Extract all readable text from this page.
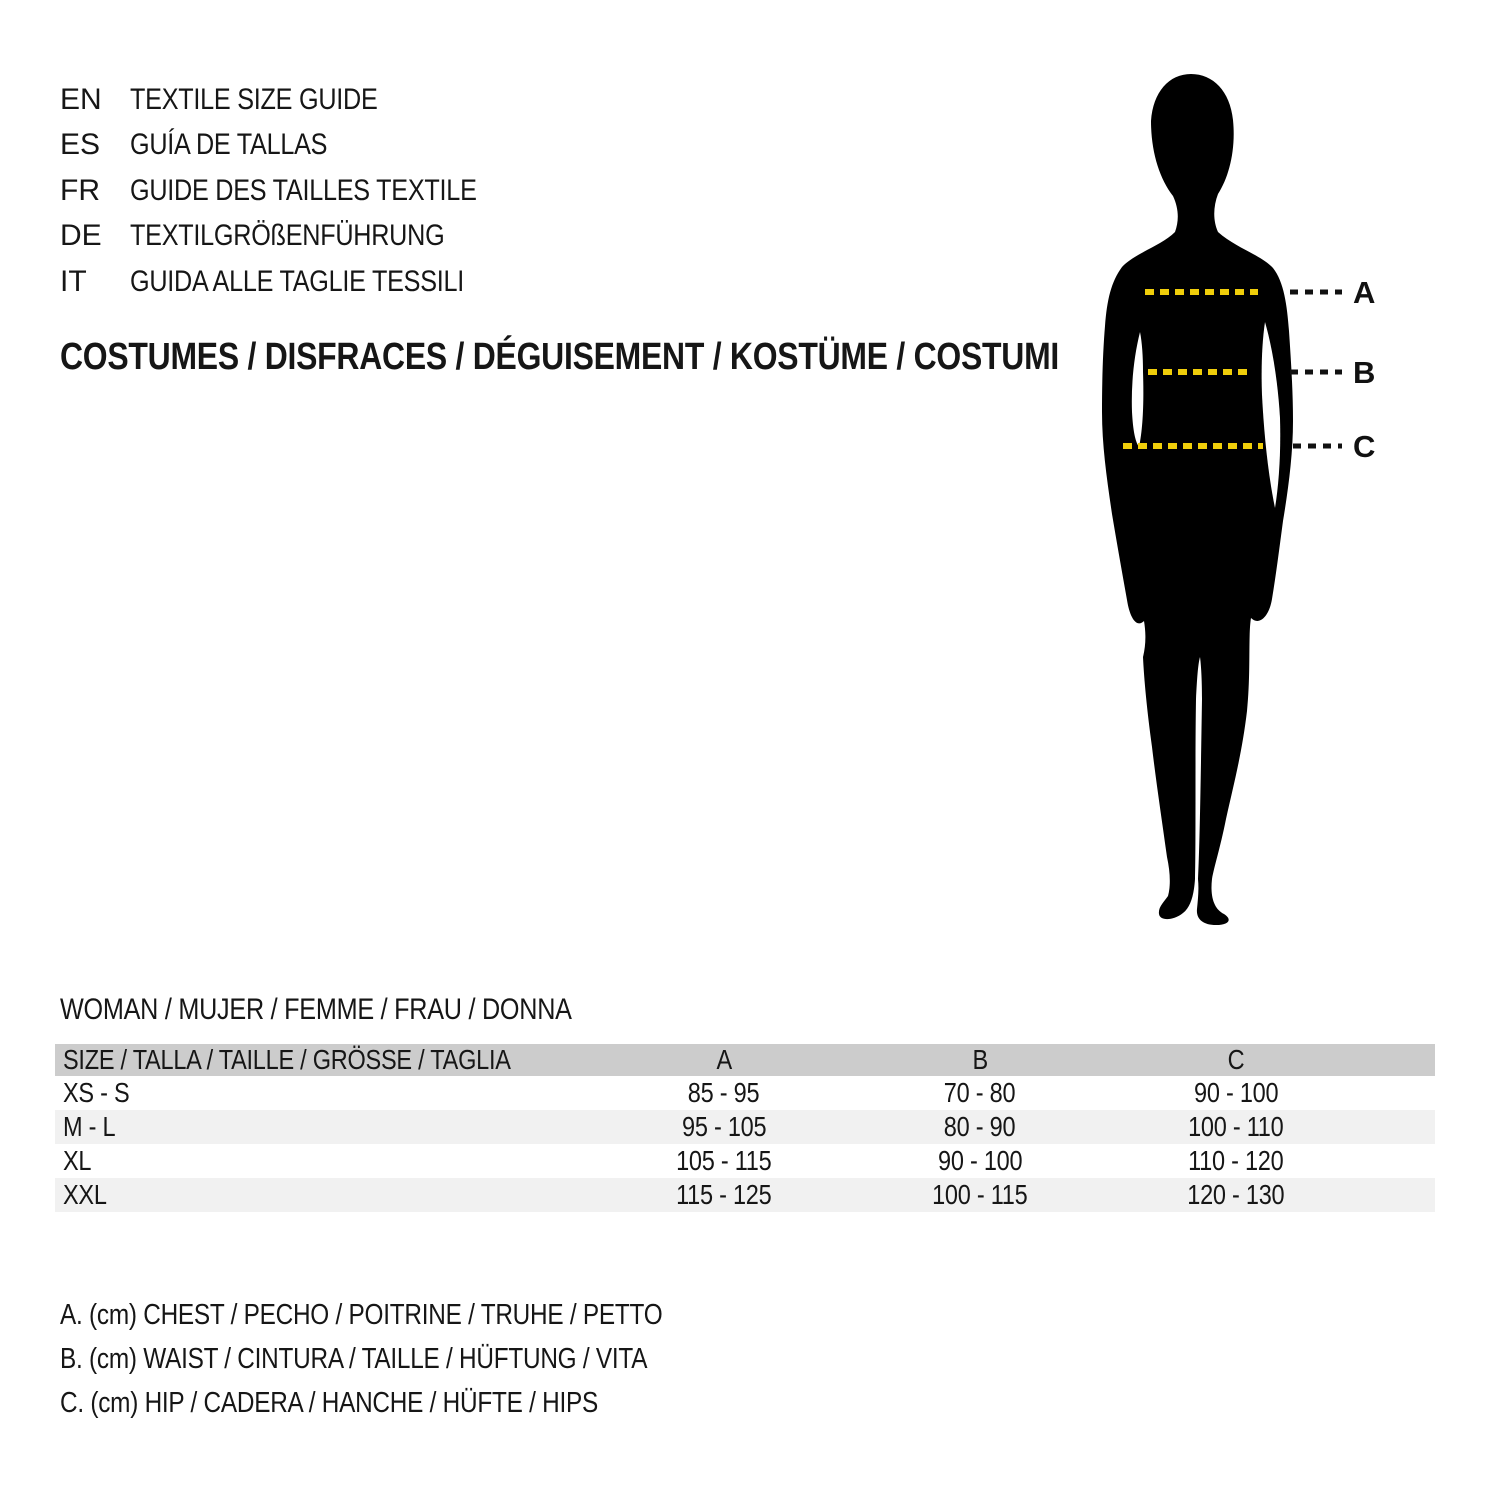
EN TEXTILE SIZE GUIDE
ES GUÍA DE TALLAS
FR	GUIDE DES TAILLES TEXTILE
DE TEXTILGRÖßENFÜHRUNG
IT	GUIDA ALLE TAGLIE TESSILI
COSTUMES / DISFRACES / DÉGUISEMENT / KOSTÜME / COSTUMI
A
B
C
WOMAN / MUJER / FEMME / FRAU / DONNA
SIZE / TALLA / TAILLE / GRÖSSE / TAGLIA	A	B	C
XS - S	85 - 95	70 - 80	90 - 100
M - L	95 - 105	80 - 90	100 - 110
XL	105 - 115	90 - 100	110 - 120
XXL	115 - 125	100 - 115	120 - 130
A. (cm) CHEST / PECHO / POITRINE / TRUHE / PETTO
B. (cm) WAIST / CINTURA / TAILLE / HÜFTUNG / VITA
C. (cm) HIP / CADERA / HANCHE / HÜFTE / HIPS
